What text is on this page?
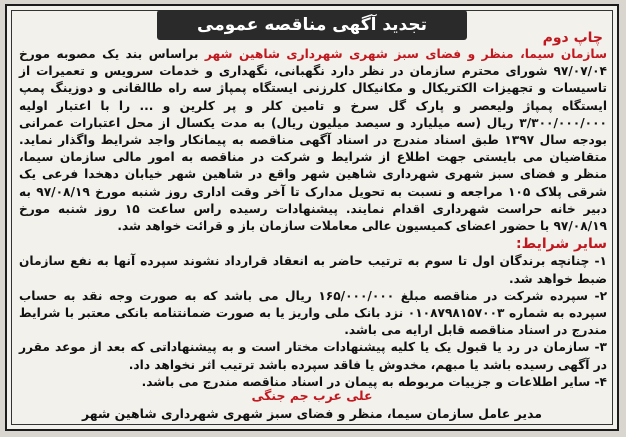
تجدید آگهی مناقصه عمومی
چاپ دوم
سازمان سیما، منظر و فضای سبز شهری شهرداری شاهین شهر براساس بند یک مصوبه مورخ ۹۷/۰۷/۰۴ شورای محترم سازمان در نظر دارد نگهبانی، نگهداری و خدمات سرویس و تعمیرات از تاسیسات و تجهیزات الکتریکال و مکانیکال کلرزنی ایستگاه پمپاژ سه راه طالقانی و دوزینگ پمپ ایستگاه پمپاژ ولیعصر و پارک گل سرخ و تامین کلر و پر کلرین و ... را با اعتبار اولیه ۳/۳۰۰/۰۰۰/۰۰۰ ریال (سه میلیارد و سیصد میلیون ریال) به مدت یکسال از محل اعتبارات عمرانی بودجه سال ۱۳۹۷ طبق اسناد مندرج در اسناد آگهی مناقصه به پیمانکار واجد شرایط واگذار نماید. متقاضیان می بایستی جهت اطلاع از شرایط و شرکت در مناقصه به امور مالی سازمان سیما، منظر و فضای سبز شهری شهرداری شاهین شهر واقع در شاهین شهر خیابان دهخدا فرعی یک شرقی پلاک ۱۰۵ مراجعه و نسبت به تحویل مدارک تا آخر وقت اداری روز شنبه مورخ ۹۷/۰۸/۱۹ به دبیر خانه حراست شهرداری اقدام نمایند. پیشنهادات رسیده راس ساعت ۱۵ روز شنبه مورخ ۹۷/۰۸/۱۹ با حضور اعضای کمیسیون عالی معاملات سازمان باز و قرائت خواهد شد.
سایر شرایط:

۱- چنانچه برندگان اول تا سوم به ترتیب حاضر به انعقاد قرارداد نشوند سپرده آنها به نفع سازمان ضبط خواهد شد.

۲- سپرده شرکت در مناقصه مبلغ ۱۶۵/۰۰۰/۰۰۰ ریال می باشد که به صورت وجه نقد به حساب سپرده به شماره ۰۱۰۸۷۹۸۱۵۷۰۰۳ نزد بانک ملی واریز یا به صورت ضمانتنامه بانکی معتبر با شرایط مندرج در اسناد مناقصه قابل ارایه می باشد.

۳- سازمان در رد یا قبول یک یا کلیه پیشنهادات مختار است و به پیشنهاداتی که بعد از موعد مقرر در آگهی رسیده باشد یا مبهم، مخدوش یا فاقد سپرده باشد ترتیب اثر نخواهد داد.

۴- سایر اطلاعات و جزییات مربوطه به پیمان در اسناد مناقصه مندرج می باشد.

علی عرب جم جنگی
مدیر عامل سازمان سیما، منظر و فضای سبز شهری شهرداری شاهین شهر
